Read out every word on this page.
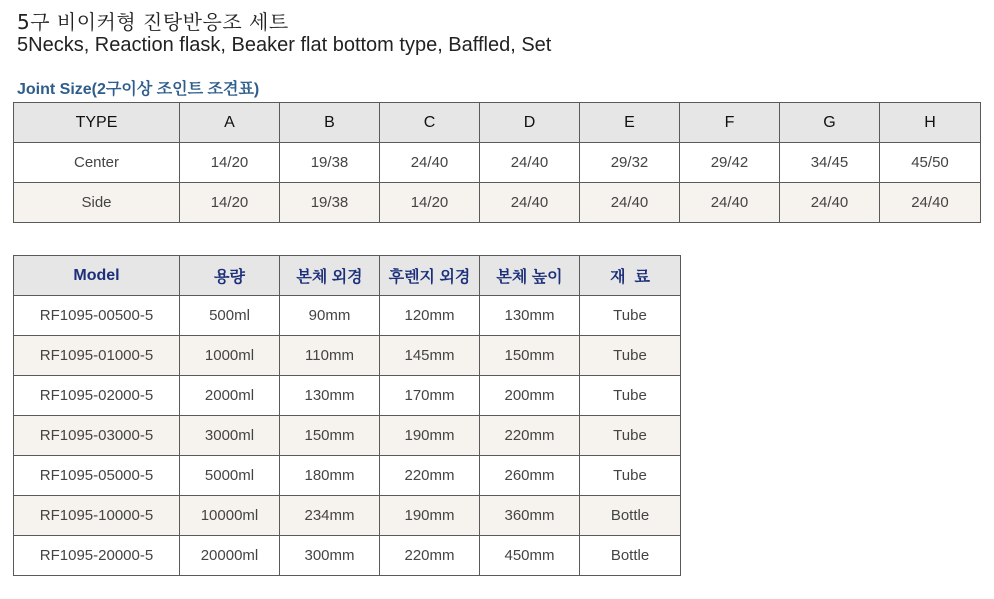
5구 비이커형 진탕반응조 세트
5Necks, Reaction flask, Beaker flat bottom type, Baffled, Set
Joint Size(2구이상 조인트 조견표)
TYPE	A	B	C	D	E	F	G	H
Center	14/20	19/38	24/40	24/40	29/32	29/42	34/45	45/50
Side	14/20	19/38	14/20	24/40	24/40	24/40	24/40	24/40
Model	용량	본체 외경	후렌지 외경	본체 높이	재  료
RF1095-00500-5	500ml	90mm	120mm	130mm	Tube
RF1095-01000-5	1000ml	110mm	145mm	150mm	Tube
RF1095-02000-5	2000ml	130mm	170mm	200mm	Tube
RF1095-03000-5	3000ml	150mm	190mm	220mm	Tube
RF1095-05000-5	5000ml	180mm	220mm	260mm	Tube
RF1095-10000-5	10000ml	234mm	190mm	360mm	Bottle
RF1095-20000-5	20000ml	300mm	220mm	450mm	Bottle
